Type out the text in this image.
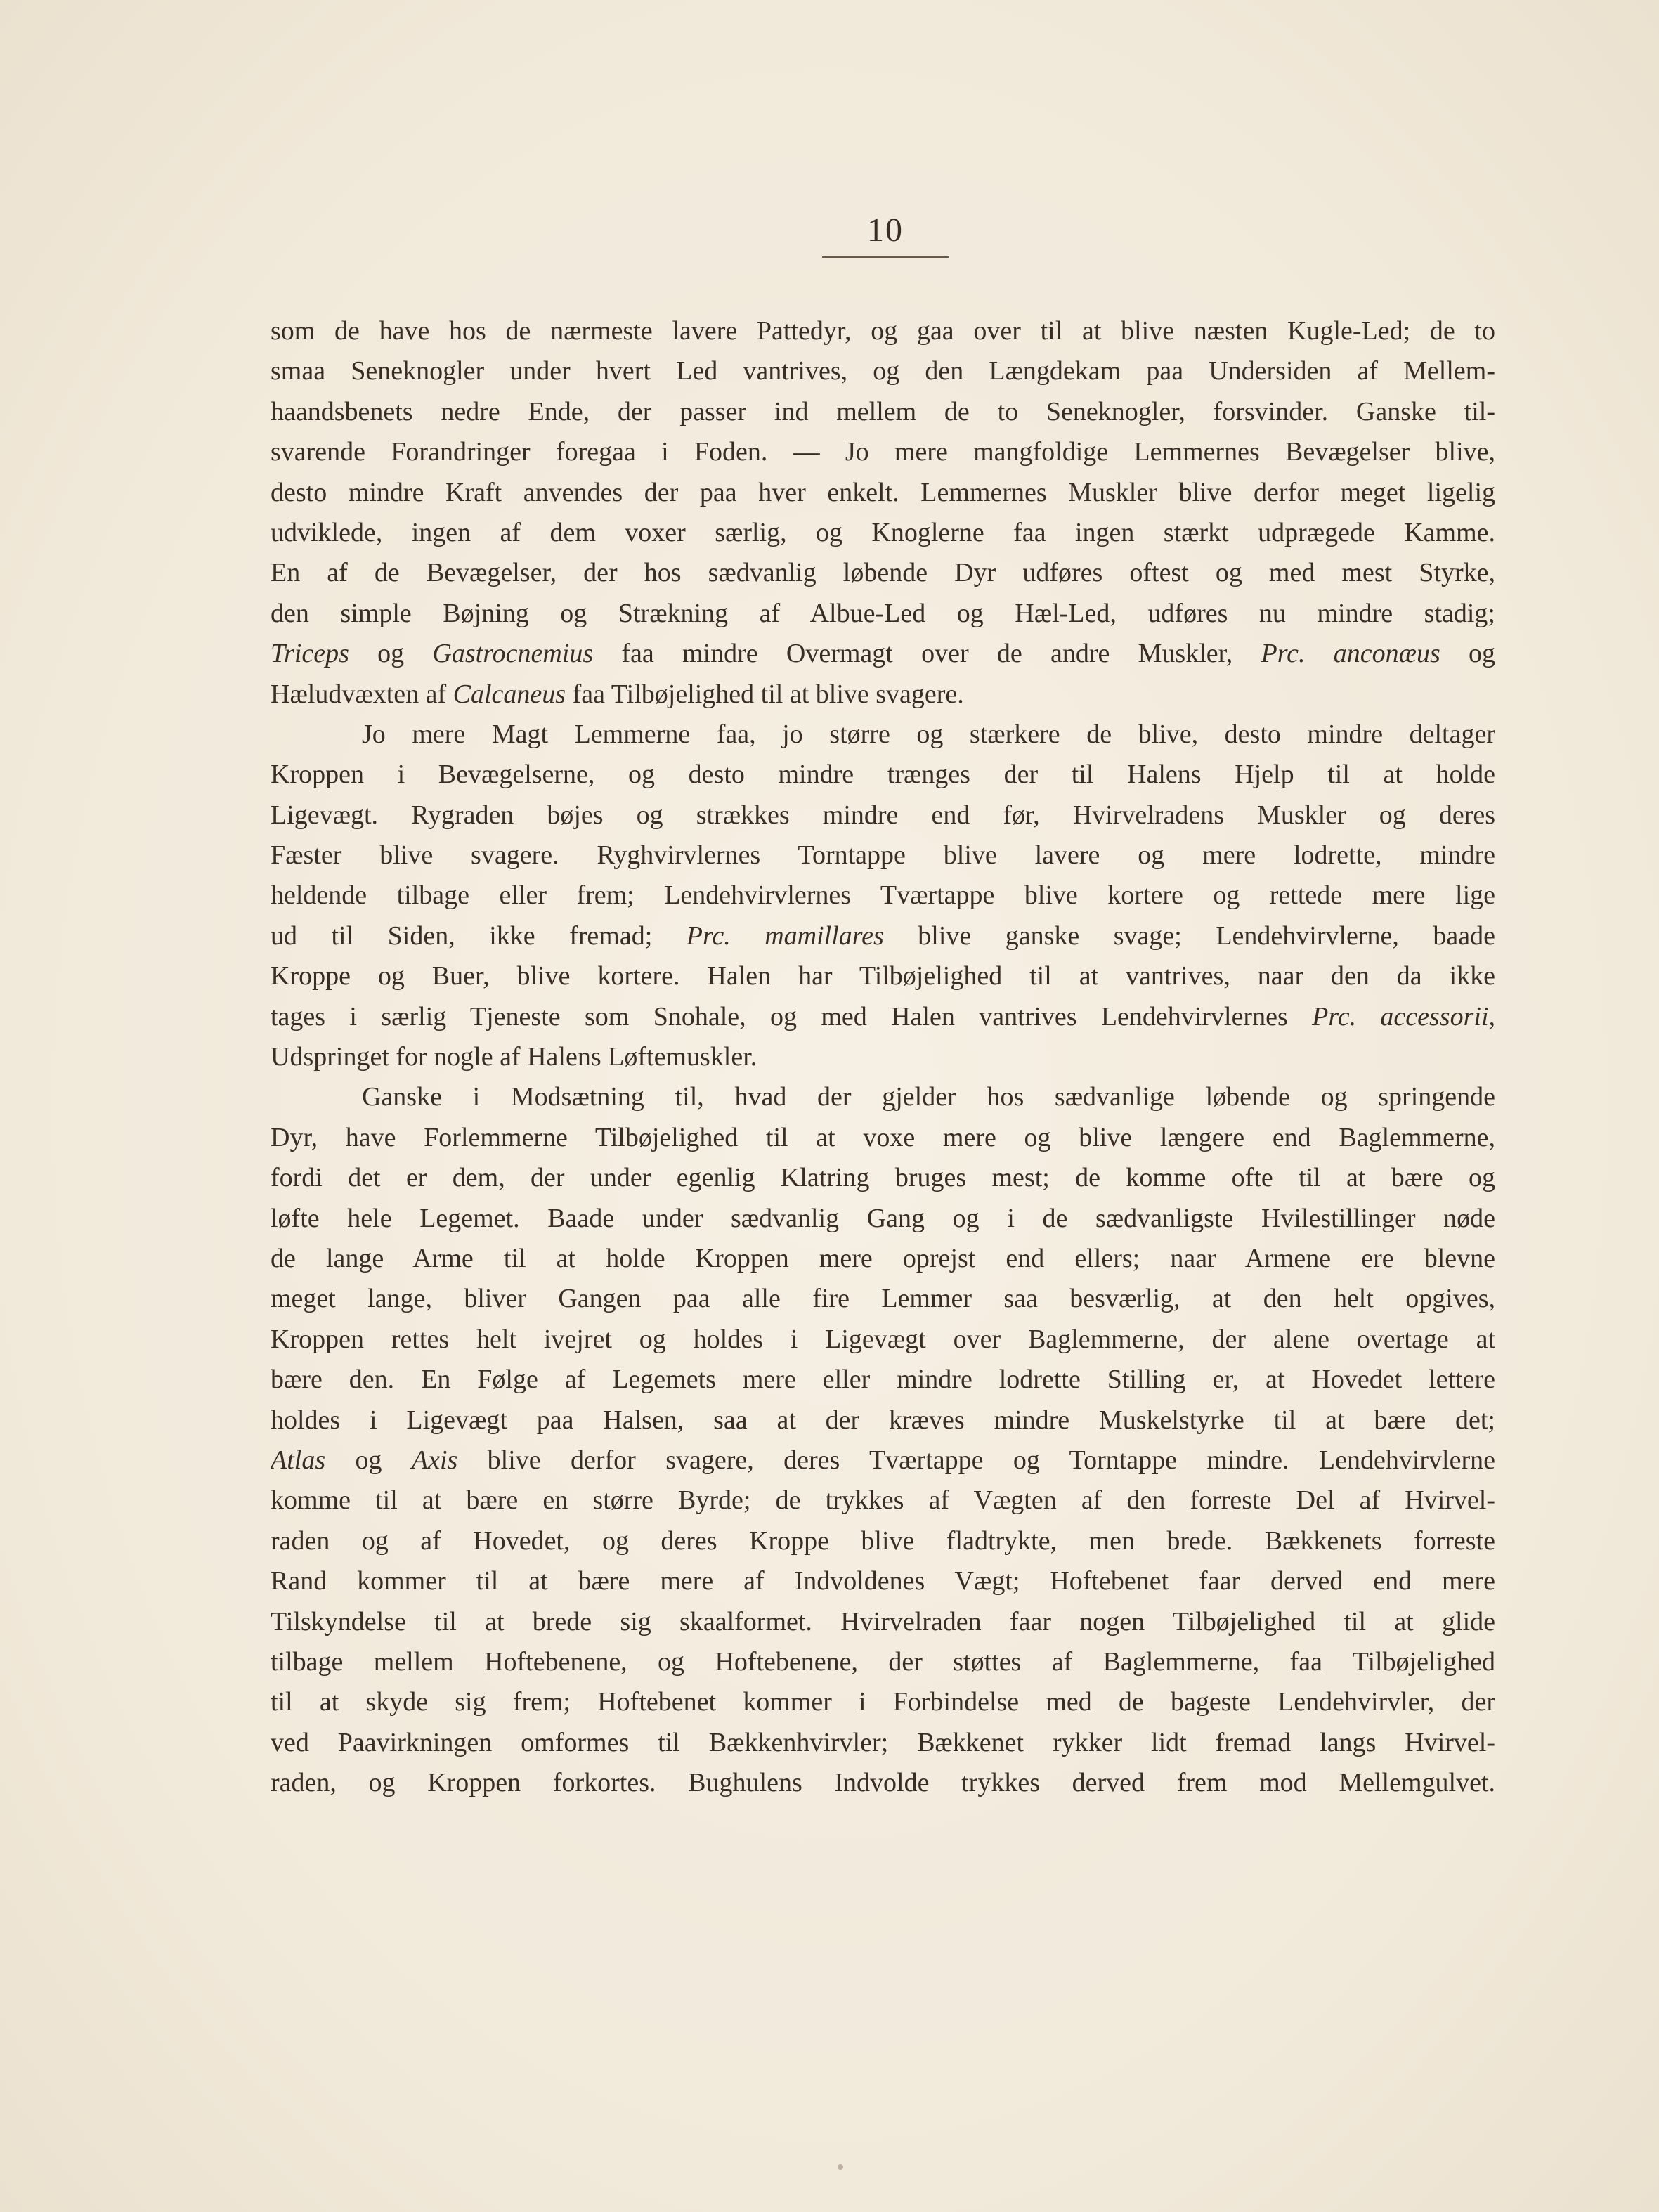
10
som de have hos de nærmeste lavere Pattedyr, og gaa over til at blive næsten Kugle-Led; de to
smaa Seneknogler under hvert Led vantrives, og den Længdekam paa Undersiden af Mellem-
haandsbenets nedre Ende, der passer ind mellem de to Seneknogler, forsvinder. Ganske til-
svarende Forandringer foregaa i Foden. — Jo mere mangfoldige Lemmernes Bevægelser blive,
desto mindre Kraft anvendes der paa hver enkelt. Lemmernes Muskler blive derfor meget ligelig
udviklede, ingen af dem voxer særlig, og Knoglerne faa ingen stærkt udprægede Kamme.
En af de Bevægelser, der hos sædvanlig løbende Dyr udføres oftest og med mest Styrke,
den simple Bøjning og Strækning af Albue-Led og Hæl-Led, udføres nu mindre stadig;
Triceps og Gastrocnemius faa mindre Overmagt over de andre Muskler, Prc. anconæus og
Hæludvæxten af Calcaneus faa Tilbøjelighed til at blive svagere.
Jo mere Magt Lemmerne faa, jo større og stærkere de blive, desto mindre deltager
Kroppen i Bevægelserne, og desto mindre trænges der til Halens Hjelp til at holde
Ligevægt. Rygraden bøjes og strækkes mindre end før, Hvirvelradens Muskler og deres
Fæster blive svagere. Ryghvirvlernes Torntappe blive lavere og mere lodrette, mindre
heldende tilbage eller frem; Lendehvirvlernes Tværtappe blive kortere og rettede mere lige
ud til Siden, ikke fremad; Prc. mamillares blive ganske svage; Lendehvirvlerne, baade
Kroppe og Buer, blive kortere. Halen har Tilbøjelighed til at vantrives, naar den da ikke
tages i særlig Tjeneste som Snohale, og med Halen vantrives Lendehvirvlernes Prc. accessorii,
Udspringet for nogle af Halens Løftemuskler.
Ganske i Modsætning til, hvad der gjelder hos sædvanlige løbende og springende
Dyr, have Forlemmerne Tilbøjelighed til at voxe mere og blive længere end Baglemmerne,
fordi det er dem, der under egenlig Klatring bruges mest; de komme ofte til at bære og
løfte hele Legemet. Baade under sædvanlig Gang og i de sædvanligste Hvilestillinger nøde
de lange Arme til at holde Kroppen mere oprejst end ellers; naar Armene ere blevne
meget lange, bliver Gangen paa alle fire Lemmer saa besværlig, at den helt opgives,
Kroppen rettes helt ivejret og holdes i Ligevægt over Baglemmerne, der alene overtage at
bære den. En Følge af Legemets mere eller mindre lodrette Stilling er, at Hovedet lettere
holdes i Ligevægt paa Halsen, saa at der kræves mindre Muskelstyrke til at bære det;
Atlas og Axis blive derfor svagere, deres Tværtappe og Torntappe mindre. Lendehvirvlerne
komme til at bære en større Byrde; de trykkes af Vægten af den forreste Del af Hvirvel-
raden og af Hovedet, og deres Kroppe blive fladtrykte, men brede. Bækkenets forreste
Rand kommer til at bære mere af Indvoldenes Vægt; Hoftebenet faar derved end mere
Tilskyndelse til at brede sig skaalformet. Hvirvelraden faar nogen Tilbøjelighed til at glide
tilbage mellem Hoftebenene, og Hoftebenene, der støttes af Baglemmerne, faa Tilbøjelighed
til at skyde sig frem; Hoftebenet kommer i Forbindelse med de bageste Lendehvirvler, der
ved Paavirkningen omformes til Bækkenhvirvler; Bækkenet rykker lidt fremad langs Hvirvel-
raden, og Kroppen forkortes. Bughulens Indvolde trykkes derved frem mod Mellemgulvet.
